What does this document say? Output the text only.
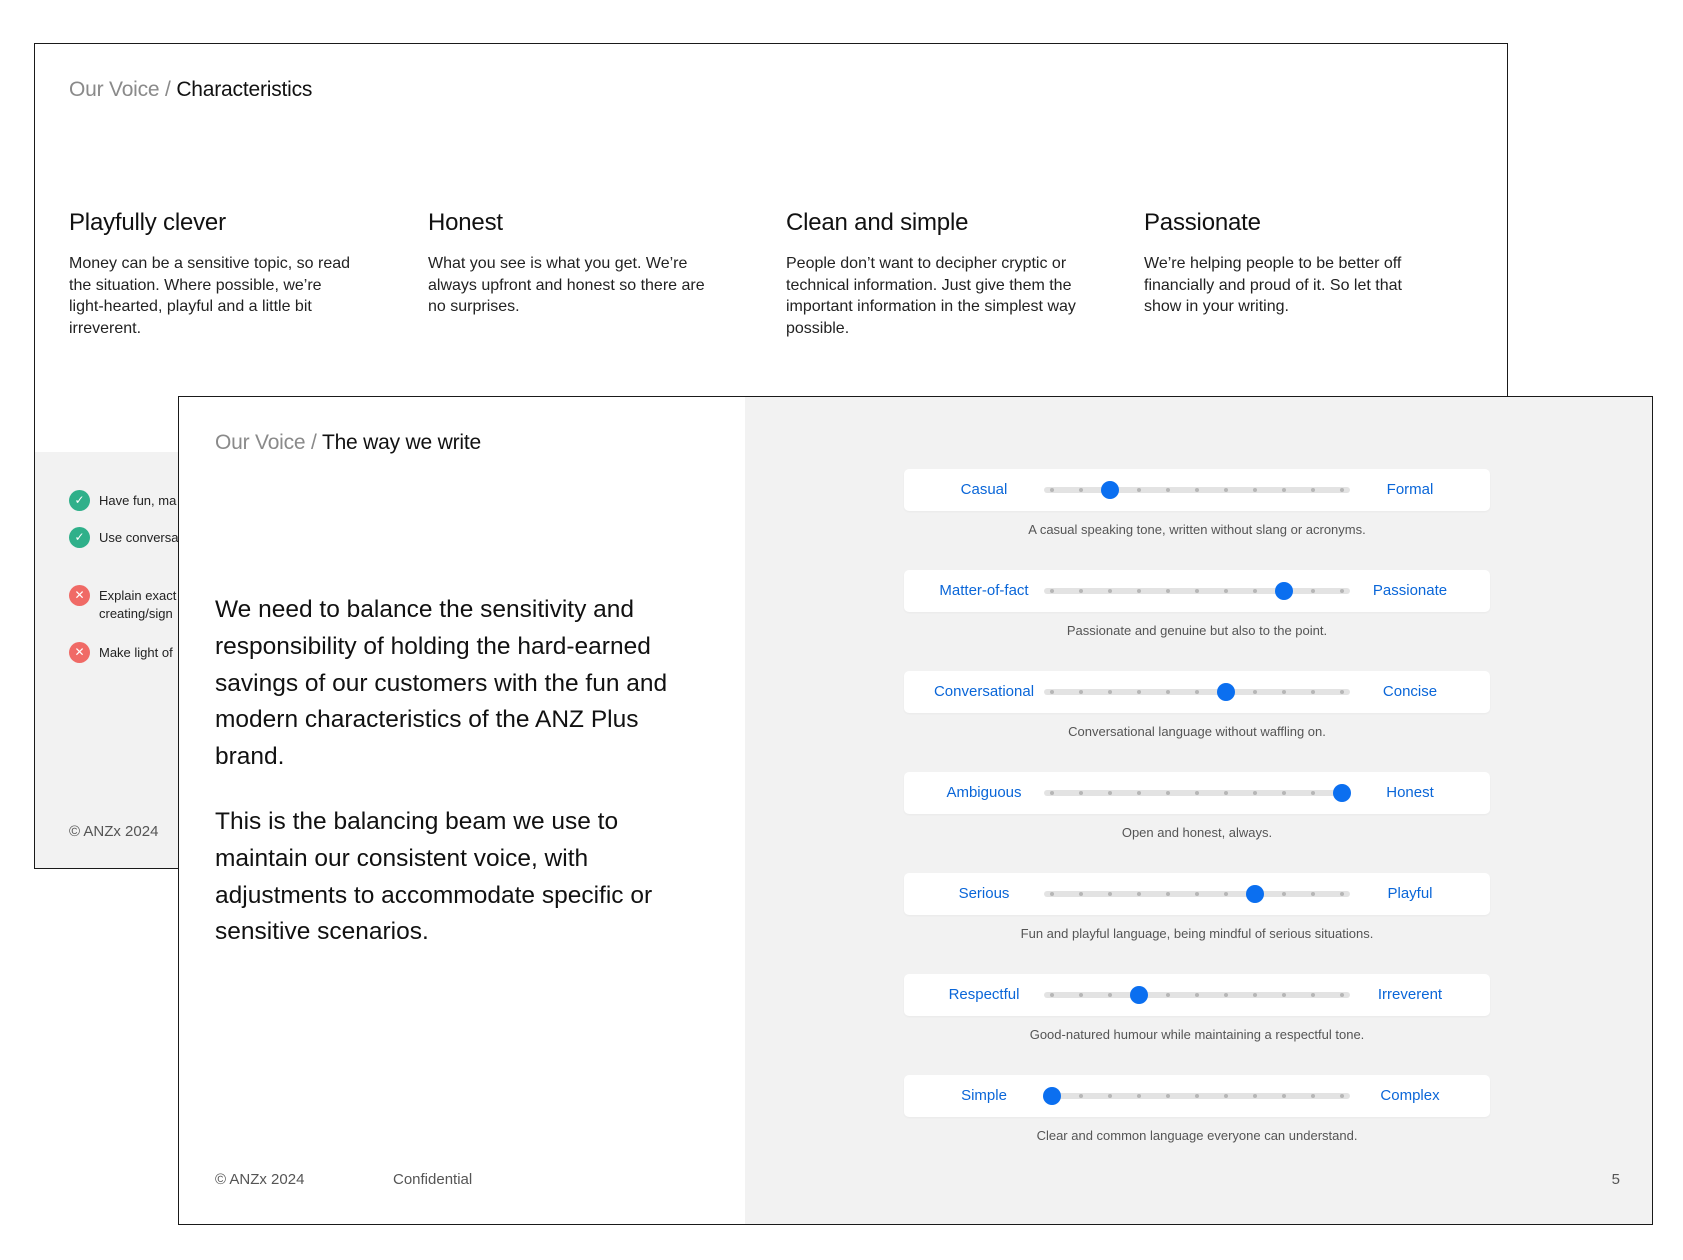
Our Voice / Characteristics
Playfully clever

Money can be a sensitive topic, so read the situation. Where possible, we’re light-hearted, playful and a little bit irreverent.

Honest

What you see is what you get. We’re always upfront and honest so there are no surprises.

Clean and simple

People don’t want to decipher cryptic or technical information. Just give them the important information in the simplest way possible.

Passionate

We’re helping people to be better off financially and proud of it. So let that show in your writing.

✓	Have fun, ma
✓	Use conversa
✕	Explain exact
creating/sign
✕	Make light of
© ANZx 2024
Our Voice / The way we write

We need to balance the sensitivity and responsibility of holding the hard-earned savings of our customers with the fun and modern characteristics of the ANZ Plus brand.

This is the balancing beam we use to maintain our consistent voice, with adjustments to accommodate specific or sensitive scenarios.

© ANZx 2024	Confidential	5
Casual	Formal
A casual speaking tone, written without slang or acronyms.
Matter-of-fact	Passionate
Passionate and genuine but also to the point.
Conversational	Concise
Conversational language without waffling on.
Ambiguous	Honest
Open and honest, always.
Serious	Playful
Fun and playful language, being mindful of serious situations.
Respectful	Irreverent
Good-natured humour while maintaining a respectful tone.
Simple	Complex
Clear and common language everyone can understand.
